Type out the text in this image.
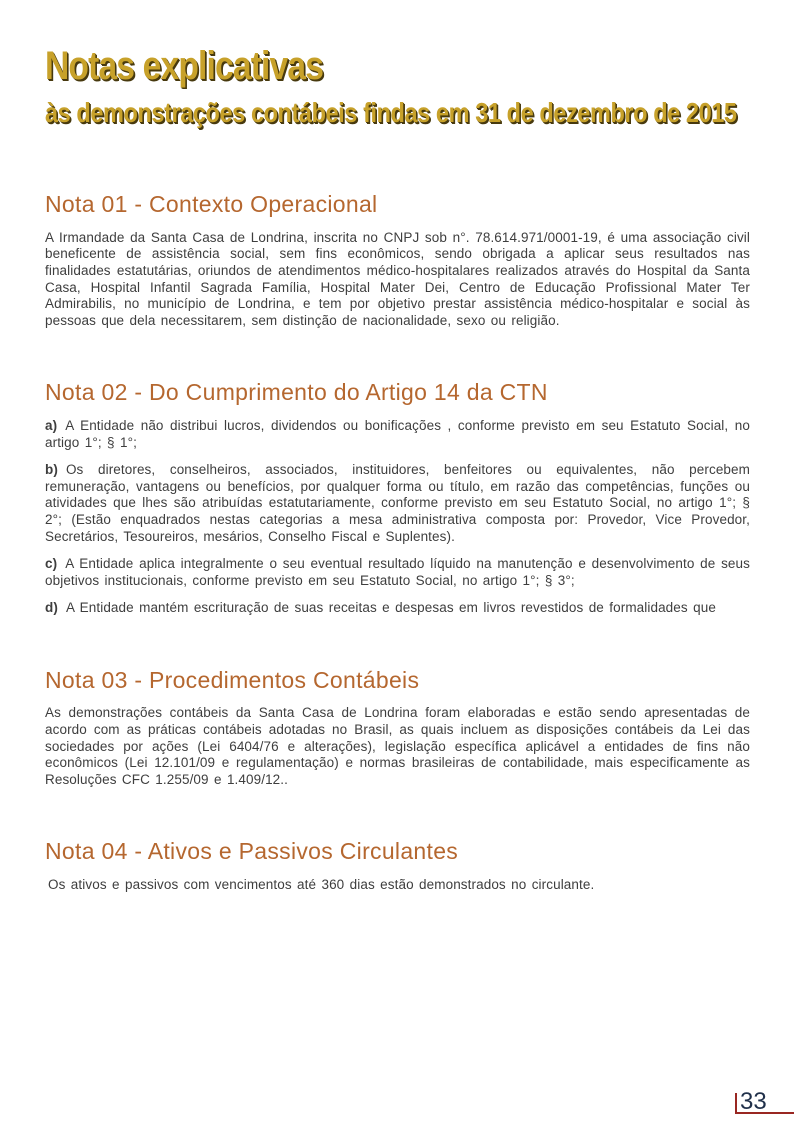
Notas explicativas
às demonstrações contábeis findas em 31 de dezembro de 2015
Nota 01 - Contexto Operacional

A Irmandade da Santa Casa de Londrina, inscrita no CNPJ sob n°. 78.614.971/0001-19, é uma associação civil beneficente de assistência social, sem fins econômicos, sendo obrigada a aplicar seus resultados nas finalidades estatutárias, oriundos de atendimentos médico-hospitalares realizados através do Hospital da Santa Casa, Hospital Infantil Sagrada Família, Hospital Mater Dei, Centro de Educação Profissional Mater Ter Admirabilis, no município de Londrina, e tem por objetivo prestar assistência médico-hospitalar e social às pessoas que dela necessitarem, sem distinção de nacionalidade, sexo ou religião.

Nota 02 - Do Cumprimento do Artigo 14 da CTN

a) A Entidade não distribui lucros, dividendos ou bonificações , conforme previsto em seu Estatuto Social, no artigo 1°; § 1°;

b) Os diretores, conselheiros, associados, instituidores, benfeitores ou equivalentes, não percebem remuneração, vantagens ou benefícios, por qualquer forma ou título, em razão das competências, funções ou atividades que lhes são atribuídas estatutariamente, conforme previsto em seu Estatuto Social, no artigo 1°; § 2°; (Estão enquadrados nestas categorias a mesa administrativa composta por: Provedor, Vice Provedor, Secretários, Tesoureiros, mesários, Conselho Fiscal e Suplentes).

c) A Entidade aplica integralmente o seu eventual resultado líquido na manutenção e desenvolvimento de seus objetivos institucionais, conforme previsto em seu Estatuto Social, no artigo 1°; § 3°;

d) A Entidade mantém escrituração de suas receitas e despesas em livros revestidos de formalidades que

Nota 03 - Procedimentos Contábeis

As demonstrações contábeis da Santa Casa de Londrina foram elaboradas e estão sendo apresentadas de acordo com as práticas contábeis adotadas no Brasil, as quais incluem as disposições contábeis da Lei das sociedades por ações (Lei 6404/76 e alterações), legislação específica aplicável a entidades de fins não econômicos (Lei 12.101/09 e regulamentação) e normas brasileiras de contabilidade, mais especificamente as Resoluções CFC 1.255/09 e 1.409/12..

Nota 04 - Ativos e Passivos Circulantes

Os ativos e passivos com vencimentos até 360 dias estão demonstrados no circulante.

33
